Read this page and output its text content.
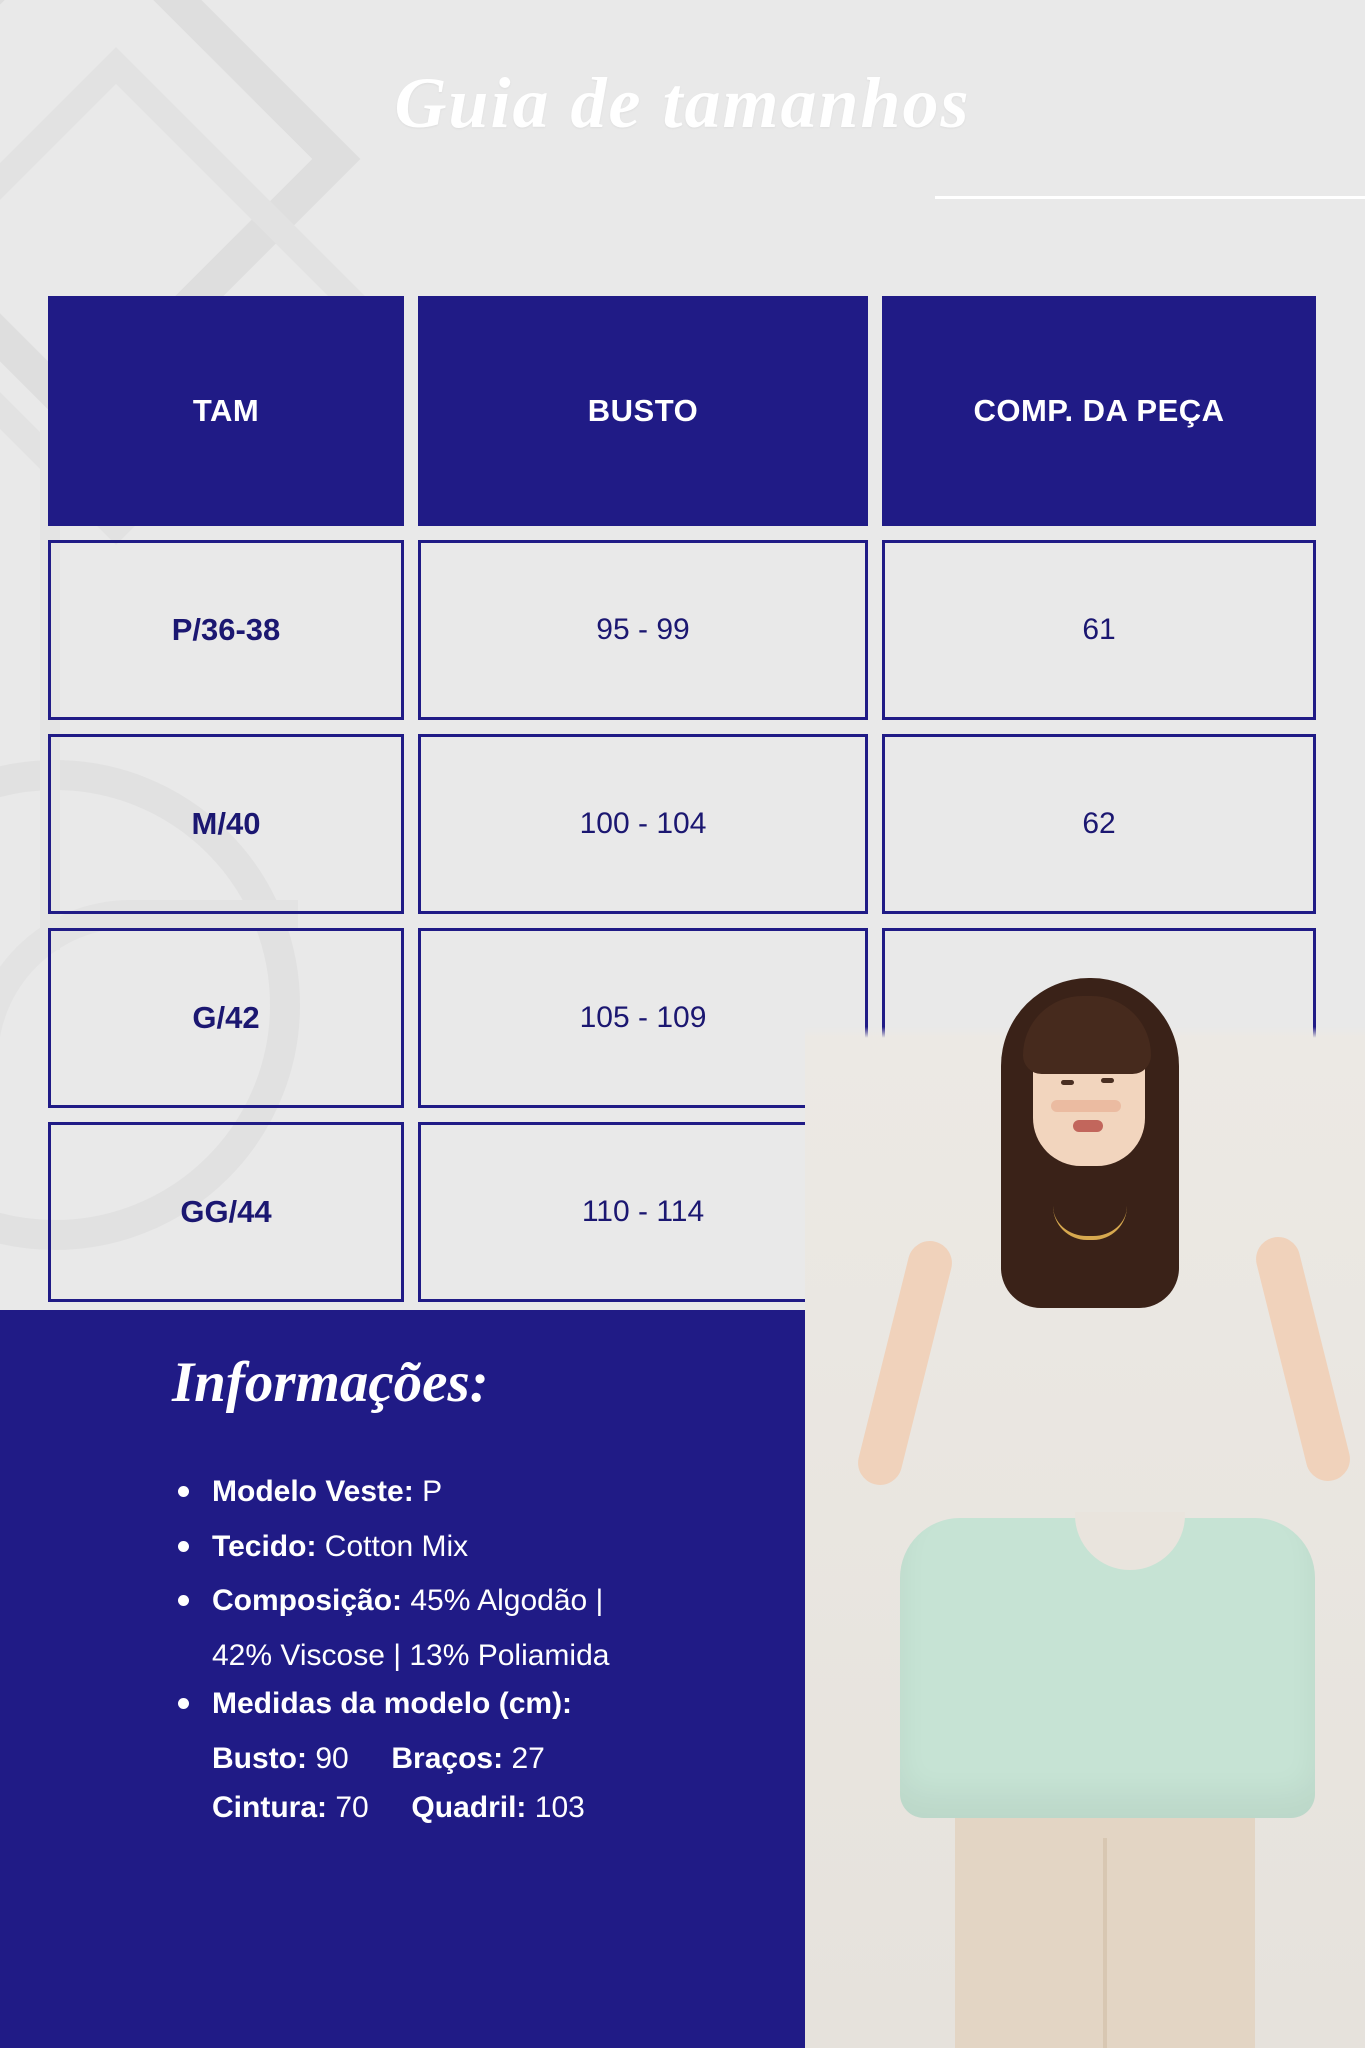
Guia de tamanhos
TAM	BUSTO	COMP. DA PEÇA
P/36-38	95 - 99	61
M/40	100 - 104	62
G/42	105 - 109
GG/44	110 - 114
Informações:
Modelo Veste: P
Tecido: Cotton Mix
Composição: 45% Algodão |
42% Viscose | 13% Poliamida
Medidas da modelo (cm):
Busto: 90 Braços: 27
Cintura: 70 Quadril: 103
